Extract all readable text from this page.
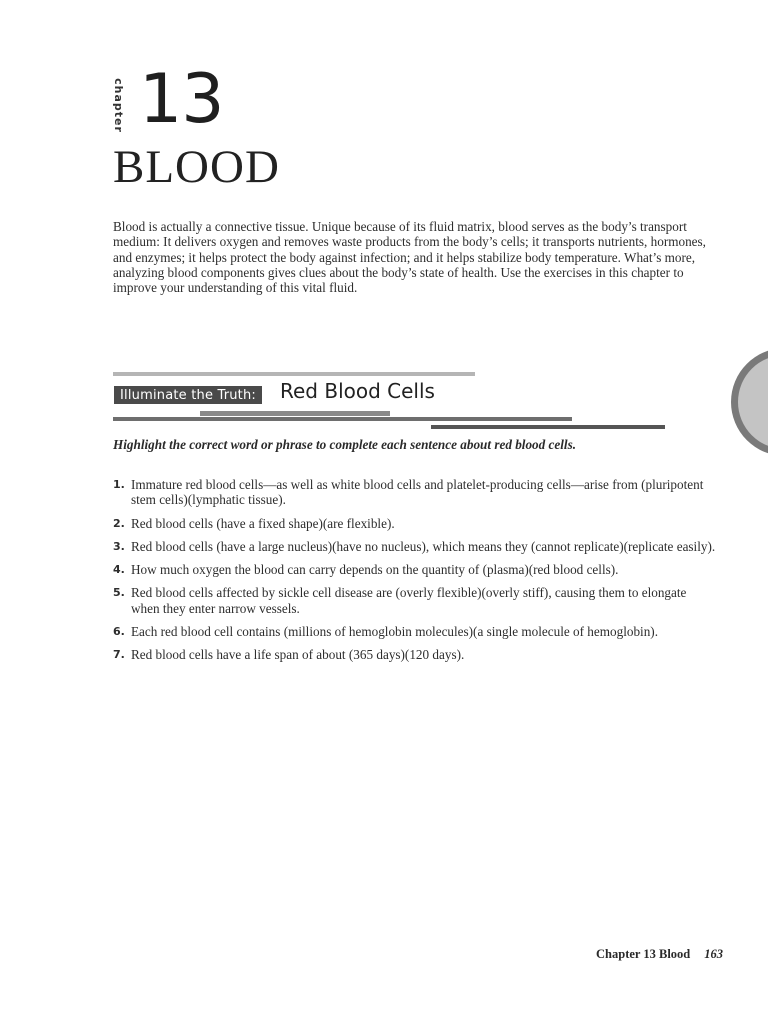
chapter 13
BLOOD

Blood is actually a connective tissue. Unique because of its fluid matrix, blood serves as the body’s transport medium: It delivers oxygen and removes waste products from the body’s cells; it transports nutrients, hormones, and enzymes; it helps protect the body against infection; and it helps stabilize body temperature. What’s more, analyzing blood components gives clues about the body’s state of health. Use the exercises in this chapter to improve your understanding of this vital fluid.

Illuminate the Truth: Red Blood Cells

Highlight the correct word or phrase to complete each sentence about red blood cells.

1. Immature red blood cells—as well as white blood cells and platelet-producing cells—arise from (pluripotent stem cells)(lymphatic tissue).
2. Red blood cells (have a fixed shape)(are flexible).
3. Red blood cells (have a large nucleus)(have no nucleus), which means they (cannot replicate)(replicate easily).
4. How much oxygen the blood can carry depends on the quantity of (plasma)(red blood cells).
5. Red blood cells affected by sickle cell disease are (overly flexible)(overly stiff), causing them to elongate when they enter narrow vessels.
6. Each red blood cell contains (millions of hemoglobin molecules)(a single molecule of hemoglobin).
7. Red blood cells have a life span of about (365 days)(120 days).
Chapter 13 Blood 163
